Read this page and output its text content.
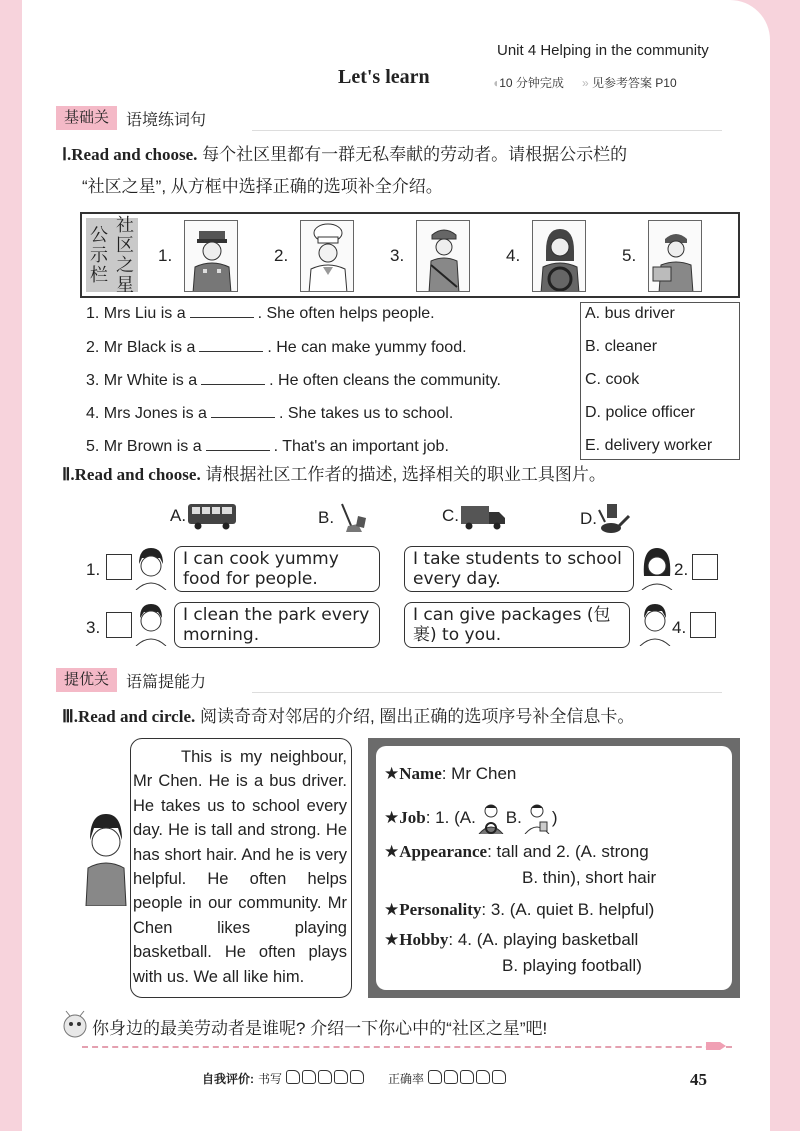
Unit 4 Helping in the community
Let's learn	◖10 分钟完成 » 见参考答案 P10
基础关	语境练词句
Ⅰ.Read and choose. 每个社区里都有一群无私奉献的劳动者。请根据公示栏的
“社区之星”, 从方框中选择正确的选项补全介绍。
公
示
栏
社
区
之
星
1.	2.	3.	4.	5.
1. Mrs Liu is a	. She often helps people.
2. Mr Black is a	. He can make yummy food.
3. Mr White is a	. He often cleans the community.
4. Mrs Jones is a	. She takes us to school.
5. Mr Brown is a	. That's an important job.
A. bus driver
B. cleaner
C. cook
D. police officer
E. delivery worker
Ⅱ.Read and choose. 请根据社区工作者的描述, 选择相关的职业工具图片。
A.	B.	C.	D.
1.
I can cook yummy food for people.
I take students to school every day.	2.
3.
I clean the park every morning.
I can give packages (包裹) to you.	4.
提优关	语篇提能力
Ⅲ.Read and circle. 阅读奇奇对邻居的介绍, 圈出正确的选项序号补全信息卡。
This is my neighbour, Mr Chen. He is a bus driver. He takes us to school every day. He is tall and strong. He has short hair. And he is very helpful. He often helps people in our community. Mr Chen likes playing basketball. He often plays with us. We all like him.
★Name: Mr Chen
★ Job : 1. (A. B. )
★Appearance: tall and 2. (A. strong
B. thin), short hair
★Personality: 3. (A. quiet B. helpful)
★Hobby: 4. (A. playing basketball
B. playing football)
你身边的最美劳动者是谁呢? 介绍一下你心中的“社区之星”吧!
自我评价: 书写	正确率	45
